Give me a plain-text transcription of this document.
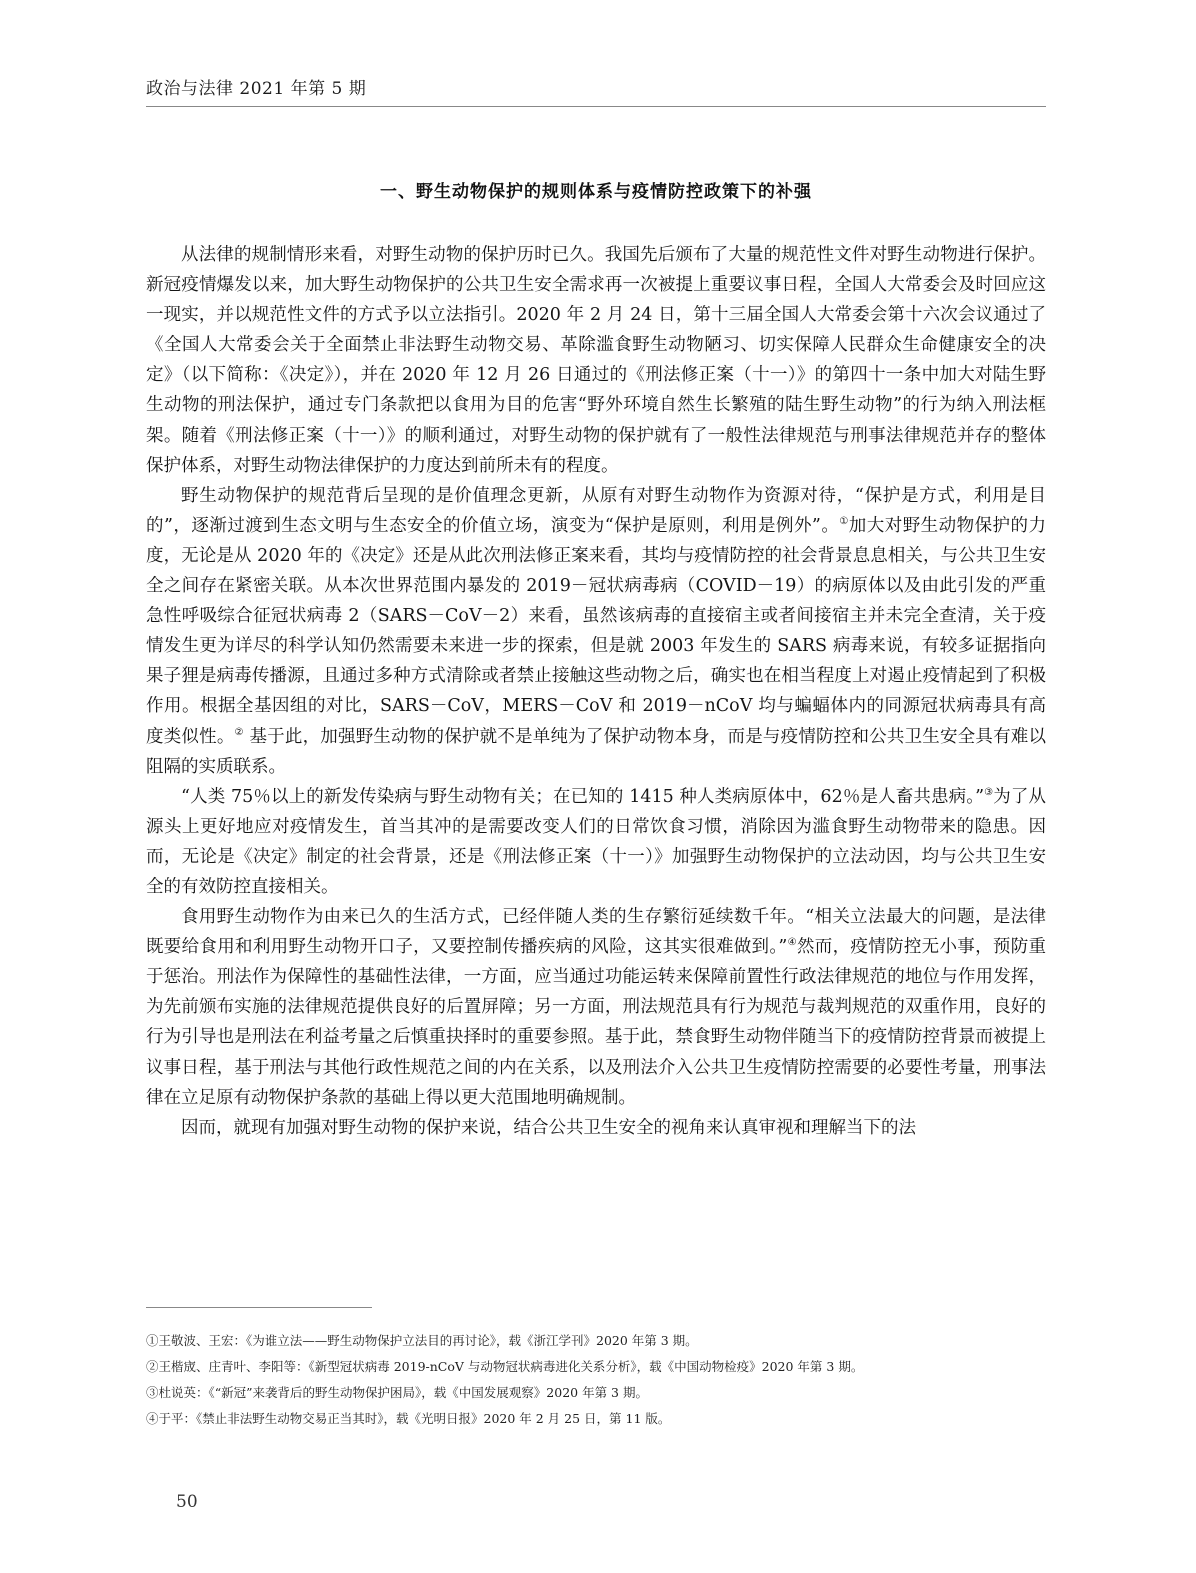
政治与法律 2021 年第 5 期
一、野生动物保护的规则体系与疫情防控政策下的补强

从法律的规制情形来看，对野生动物的保护历时已久。我国先后颁布了大量的规范性文件对野生动物进行保护。新冠疫情爆发以来，加大野生动物保护的公共卫生安全需求再一次被提上重要议事日程，全国人大常委会及时回应这一现实，并以规范性文件的方式予以立法指引。2020 年 2 月 24 日，第十三届全国人大常委会第十六次会议通过了《全国人大常委会关于全面禁止非法野生动物交易、革除滥食野生动物陋习、切实保障人民群众生命健康安全的决定》（以下简称：《决定》），并在 2020 年 12 月 26 日通过的《刑法修正案（十一）》的第四十一条中加大对陆生野生动物的刑法保护，通过专门条款把以食用为目的危害“野外环境自然生长繁殖的陆生野生动物”的行为纳入刑法框架。随着《刑法修正案（十一）》的顺利通过，对野生动物的保护就有了一般性法律规范与刑事法律规范并存的整体保护体系，对野生动物法律保护的力度达到前所未有的程度。

野生动物保护的规范背后呈现的是价值理念更新，从原有对野生动物作为资源对待，“保护是方式，利用是目的”，逐渐过渡到生态文明与生态安全的价值立场，演变为“保护是原则，利用是例外”。①加大对野生动物保护的力度，无论是从 2020 年的《决定》还是从此次刑法修正案来看，其均与疫情防控的社会背景息息相关，与公共卫生安全之间存在紧密关联。从本次世界范围内暴发的 2019－冠状病毒病（COVID－19）的病原体以及由此引发的严重急性呼吸综合征冠状病毒 2（SARS－CoV－2）来看，虽然该病毒的直接宿主或者间接宿主并未完全查清，关于疫情发生更为详尽的科学认知仍然需要未来进一步的探索，但是就 2003 年发生的 SARS 病毒来说，有较多证据指向果子狸是病毒传播源，且通过多种方式清除或者禁止接触这些动物之后，确实也在相当程度上对遏止疫情起到了积极作用。根据全基因组的对比，SARS－CoV，MERS－CoV 和 2019－nCoV 均与蝙蝠体内的同源冠状病毒具有高度类似性。② 基于此，加强野生动物的保护就不是单纯为了保护动物本身，而是与疫情防控和公共卫生安全具有难以阻隔的实质联系。

“人类 75％以上的新发传染病与野生动物有关；在已知的 1415 种人类病原体中，62％是人畜共患病。”③为了从源头上更好地应对疫情发生，首当其冲的是需要改变人们的日常饮食习惯，消除因为滥食野生动物带来的隐患。因而，无论是《决定》制定的社会背景，还是《刑法修正案（十一）》加强野生动物保护的立法动因，均与公共卫生安全的有效防控直接相关。

食用野生动物作为由来已久的生活方式，已经伴随人类的生存繁衍延续数千年。“相关立法最大的问题，是法律既要给食用和利用野生动物开口子，又要控制传播疾病的风险，这其实很难做到。”④然而，疫情防控无小事，预防重于惩治。刑法作为保障性的基础性法律，一方面，应当通过功能运转来保障前置性行政法律规范的地位与作用发挥，为先前颁布实施的法律规范提供良好的后置屏障；另一方面，刑法规范具有行为规范与裁判规范的双重作用，良好的行为引导也是刑法在利益考量之后慎重抉择时的重要参照。基于此，禁食野生动物伴随当下的疫情防控背景而被提上议事日程，基于刑法与其他行政性规范之间的内在关系，以及刑法介入公共卫生疫情防控需要的必要性考量，刑事法律在立足原有动物保护条款的基础上得以更大范围地明确规制。

因而，就现有加强对野生动物的保护来说，结合公共卫生安全的视角来认真审视和理解当下的法

①王敬波、王宏：《为谁立法——野生动物保护立法目的再讨论》，载《浙江学刊》2020 年第 3 期。
②王楷宬、庄青叶、李阳等：《新型冠状病毒 2019-nCoV 与动物冠状病毒进化关系分析》，载《中国动物检疫》2020 年第 3 期。
③杜说英：《“新冠”来袭背后的野生动物保护困局》，载《中国发展观察》2020 年第 3 期。
④于平：《禁止非法野生动物交易正当其时》，载《光明日报》2020 年 2 月 25 日，第 11 版。
50
